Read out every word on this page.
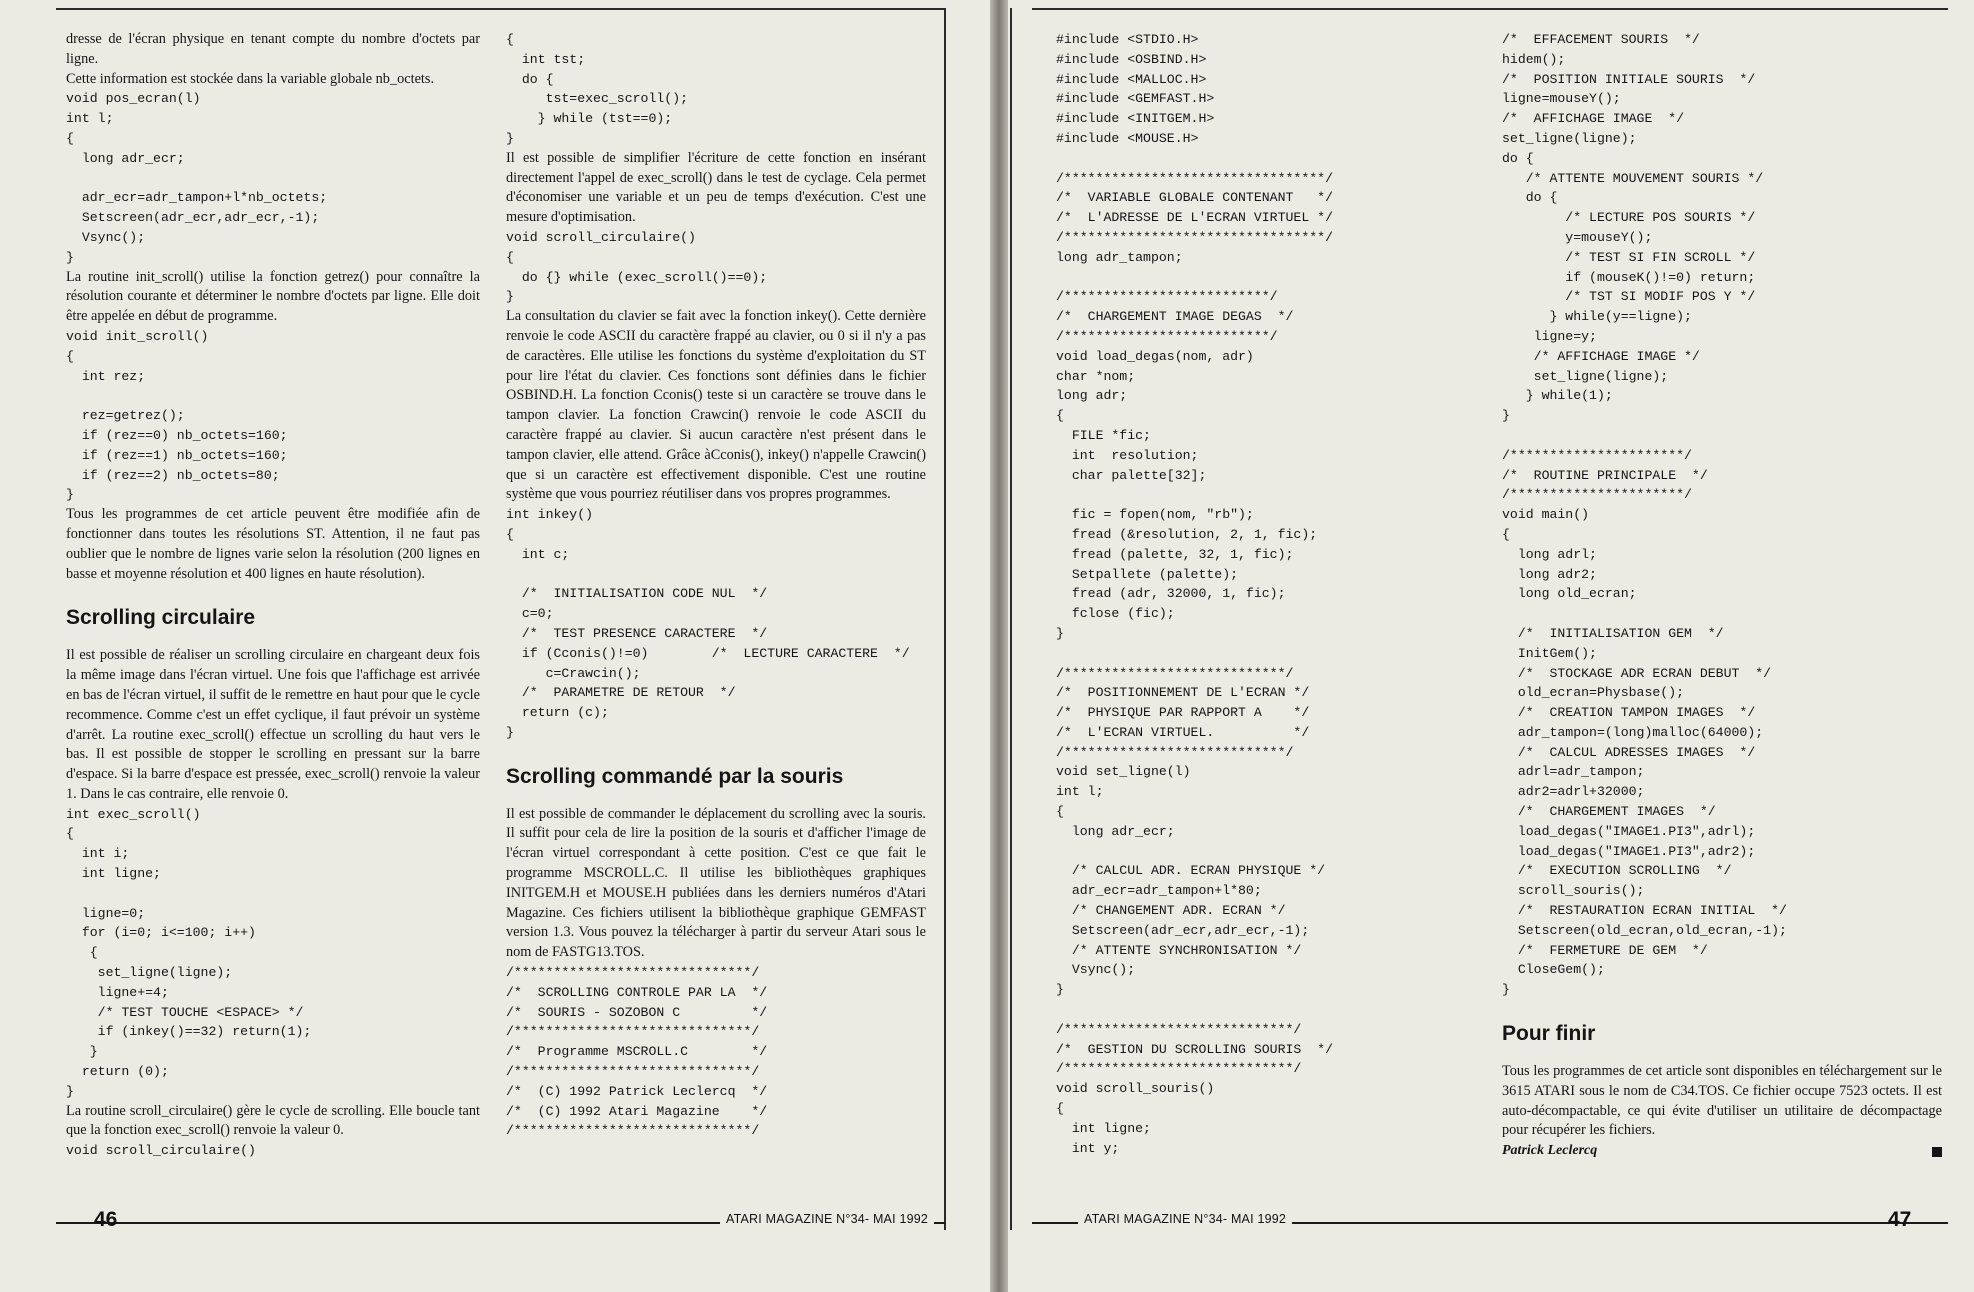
dresse de l'écran physique en tenant compte du nombre d'octets par ligne.

Cette information est stockée dans la variable globale nb_octets.

void pos_ecran(l)
int l;
{
long adr_ecr;

adr_ecr=adr_tampon+l*nb_octets;
Setscreen(adr_ecr,adr_ecr,-1);
Vsync();
}

La routine init_scroll() utilise la fonction getrez() pour connaître la résolution courante et déterminer le nombre d'octets par ligne. Elle doit être appelée en début de programme.

void init_scroll()
{
int rez;

rez=getrez();
if (rez==0) nb_octets=160;
if (rez==1) nb_octets=160;
if (rez==2) nb_octets=80;
}

Tous les programmes de cet article peuvent être modifiée afin de fonctionner dans toutes les résolutions ST. Attention, il ne faut pas oublier que le nombre de lignes varie selon la résolution (200 lignes en basse et moyenne résolution et 400 lignes en haute résolution).

Scrolling circulaire

Il est possible de réaliser un scrolling circulaire en chargeant deux fois la même image dans l'écran virtuel. Une fois que l'affichage est arrivée en bas de l'écran virtuel, il suffit de le remettre en haut pour que le cycle recommence. Comme c'est un effet cyclique, il faut prévoir un système d'arrêt. La routine exec_scroll() effectue un scrolling du haut vers le bas. Il est possible de stopper le scrolling en pressant sur la barre d'espace. Si la barre d'espace est pressée, exec_scroll() renvoie la valeur 1. Dans le cas contraire, elle renvoie 0.

int exec_scroll()
{
int i;
int ligne;

ligne=0;
for (i=0; i<=100; i++)
{
set_ligne(ligne);
ligne+=4;
/* TEST TOUCHE <ESPACE> */
if (inkey()==32) return(1);
}
return (0);
}

La routine scroll_circulaire() gère le cycle de scrolling. Elle boucle tant que la fonction exec_scroll() renvoie la valeur 0.

void scroll_circulaire()
{
int tst;
do {
tst=exec_scroll();
} while (tst==0);
}

Il est possible de simplifier l'écriture de cette fonction en insérant directement l'appel de exec_scroll() dans le test de cyclage. Cela permet d'économiser une variable et un peu de temps d'exécution. C'est une mesure d'optimisation.

void scroll_circulaire()
{
do {} while (exec_scroll()==0);
}

La consultation du clavier se fait avec la fonction inkey(). Cette dernière renvoie le code ASCII du caractère frappé au clavier, ou 0 si il n'y a pas de caractères. Elle utilise les fonctions du système d'exploitation du ST pour lire l'état du clavier. Ces fonctions sont définies dans le fichier OSBIND.H. La fonction Cconis() teste si un caractère se trouve dans le tampon clavier. La fonction Crawcin() renvoie le code ASCII du caractère frappé au clavier. Si aucun caractère n'est présent dans le tampon clavier, elle attend. Grâce àCconis(), inkey() n'appelle Crawcin() que si un caractère est effectivement disponible. C'est une routine système que vous pourriez réutiliser dans vos propres programmes.

int inkey()
{
int c;

/*  INITIALISATION CODE NUL  */
c=0;
/*  TEST PRESENCE CARACTERE  */
if (Cconis()!=0)        /*  LECTURE CARACTERE  */
c=Crawcin();
/*  PARAMETRE DE RETOUR  */
return (c);
}
Scrolling commandé par la souris

Il est possible de commander le déplacement du scrolling avec la souris. Il suffit pour cela de lire la position de la souris et d'afficher l'image de l'écran virtuel correspondant à cette position. C'est ce que fait le programme MSCROLL.C. Il utilise les bibliothèques graphiques INITGEM.H et MOUSE.H publiées dans les derniers numéros d'Atari Magazine. Ces fichiers utilisent la bibliothèque graphique GEMFAST version 1.3. Vous pouvez la télécharger à partir du serveur Atari sous le nom de FASTG13.TOS.

/******************************/
/*  SCROLLING CONTROLE PAR LA  */
/*  SOURIS - SOZOBON C         */
/******************************/
/*  Programme MSCROLL.C        */
/******************************/
/*  (C) 1992 Patrick Leclercq  */
/*  (C) 1992 Atari Magazine    */
/******************************/
46	ATARI MAGAZINE N°34- MAI 1992
#include <STDIO.H>
#include <OSBIND.H>
#include <MALLOC.H>
#include <GEMFAST.H>
#include <INITGEM.H>
#include <MOUSE.H>

/*********************************/
/*  VARIABLE GLOBALE CONTENANT   */
/*  L'ADRESSE DE L'ECRAN VIRTUEL */
/*********************************/
long adr_tampon;

/**************************/
/*  CHARGEMENT IMAGE DEGAS  */
/**************************/
void load_degas(nom, adr)
char *nom;
long adr;
{
FILE *fic;
int  resolution;
char palette[32];

fic = fopen(nom, "rb");
fread (&resolution, 2, 1, fic);
fread (palette, 32, 1, fic);
Setpallete (palette);
fread (adr, 32000, 1, fic);
fclose (fic);
}

/****************************/
/*  POSITIONNEMENT DE L'ECRAN */
/*  PHYSIQUE PAR RAPPORT A    */
/*  L'ECRAN VIRTUEL.          */
/****************************/
void set_ligne(l)
int l;
{
long adr_ecr;

/* CALCUL ADR. ECRAN PHYSIQUE */
adr_ecr=adr_tampon+l*80;
/* CHANGEMENT ADR. ECRAN */
Setscreen(adr_ecr,adr_ecr,-1);
/* ATTENTE SYNCHRONISATION */
Vsync();
}

/*****************************/
/*  GESTION DU SCROLLING SOURIS  */
/*****************************/
void scroll_souris()
{
int ligne;
int y;
/*  EFFACEMENT SOURIS  */
hidem();
/*  POSITION INITIALE SOURIS  */
ligne=mouseY();
/*  AFFICHAGE IMAGE  */
set_ligne(ligne);
do {
/* ATTENTE MOUVEMENT SOURIS */
do {
/* LECTURE POS SOURIS */
y=mouseY();
/* TEST SI FIN SCROLL */
if (mouseK()!=0) return;
/* TST SI MODIF POS Y */
} while(y==ligne);
ligne=y;
/* AFFICHAGE IMAGE */
set_ligne(ligne);
} while(1);
}

/**********************/
/*  ROUTINE PRINCIPALE  */
/**********************/
void main()
{
long adrl;
long adr2;
long old_ecran;

/*  INITIALISATION GEM  */
InitGem();
/*  STOCKAGE ADR ECRAN DEBUT  */
old_ecran=Physbase();
/*  CREATION TAMPON IMAGES  */
adr_tampon=(long)malloc(64000);
/*  CALCUL ADRESSES IMAGES  */
adrl=adr_tampon;
adr2=adrl+32000;
/*  CHARGEMENT IMAGES  */
load_degas("IMAGE1.PI3",adrl);
load_degas("IMAGE1.PI3",adr2);
/*  EXECUTION SCROLLING  */
scroll_souris();
/*  RESTAURATION ECRAN INITIAL  */
Setscreen(old_ecran,old_ecran,-1);
/*  FERMETURE DE GEM  */
CloseGem();
}
Pour finir

Tous les programmes de cet article sont disponibles en téléchargement sur le 3615 ATARI sous le nom de C34.TOS. Ce fichier occupe 7523 octets. Il est auto-décompactable, ce qui évite d'utiliser un utilitaire de décompactage pour récupérer les fichiers.

Patrick Leclercq
ATARI MAGAZINE N°34- MAI 1992	47
